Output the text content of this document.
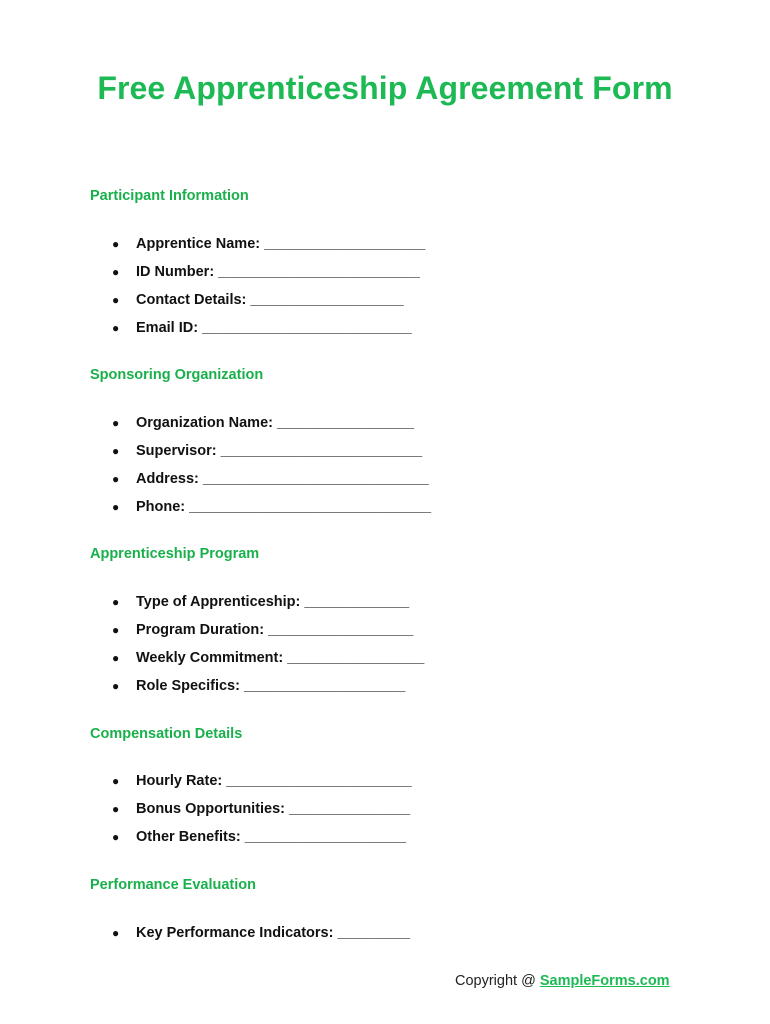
Free Apprenticeship Agreement Form
Participant Information
●	Apprentice Name: ____________________
●	ID Number: _________________________
●	Contact Details: ___________________
●	Email ID: __________________________
Sponsoring Organization
●	Organization Name: _________________
●	Supervisor: _________________________
●	Address: ____________________________
●	Phone: ______________________________
Apprenticeship Program
●	Type of Apprenticeship: _____________
●	Program Duration: __________________
●	Weekly Commitment: _________________
●	Role Specifics: ____________________
Compensation Details
●	Hourly Rate: _______________________
●	Bonus Opportunities: _______________
●	Other Benefits: ____________________
Performance Evaluation
●	Key Performance Indicators: _________
Copyright @ SampleForms.com
